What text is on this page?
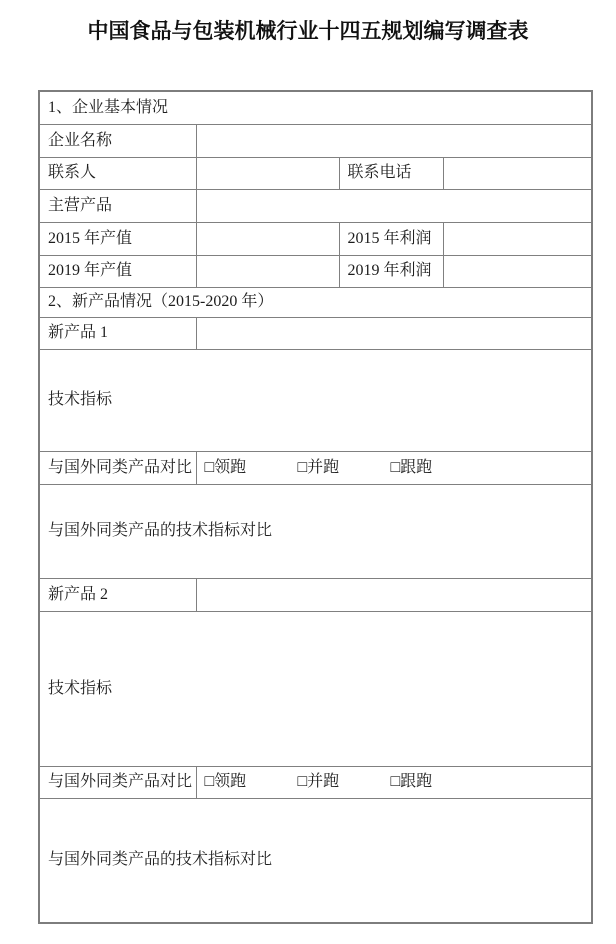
中国食品与包装机械行业十四五规划编写调查表
1、企业基本情况			
企业名称			
联系人		联系电话	
主营产品			
2015 年产值		2015 年利润	
2019 年产值		2019 年利润	
2、新产品情况（2015-2020 年）			
新产品 1			
技术指标			
与国外同类产品对比	□领跑 □并跑 □跟跑		
与国外同类产品的技术指标对比			
新产品 2			
技术指标			
与国外同类产品对比	□领跑 □并跑 □跟跑		
与国外同类产品的技术指标对比			
